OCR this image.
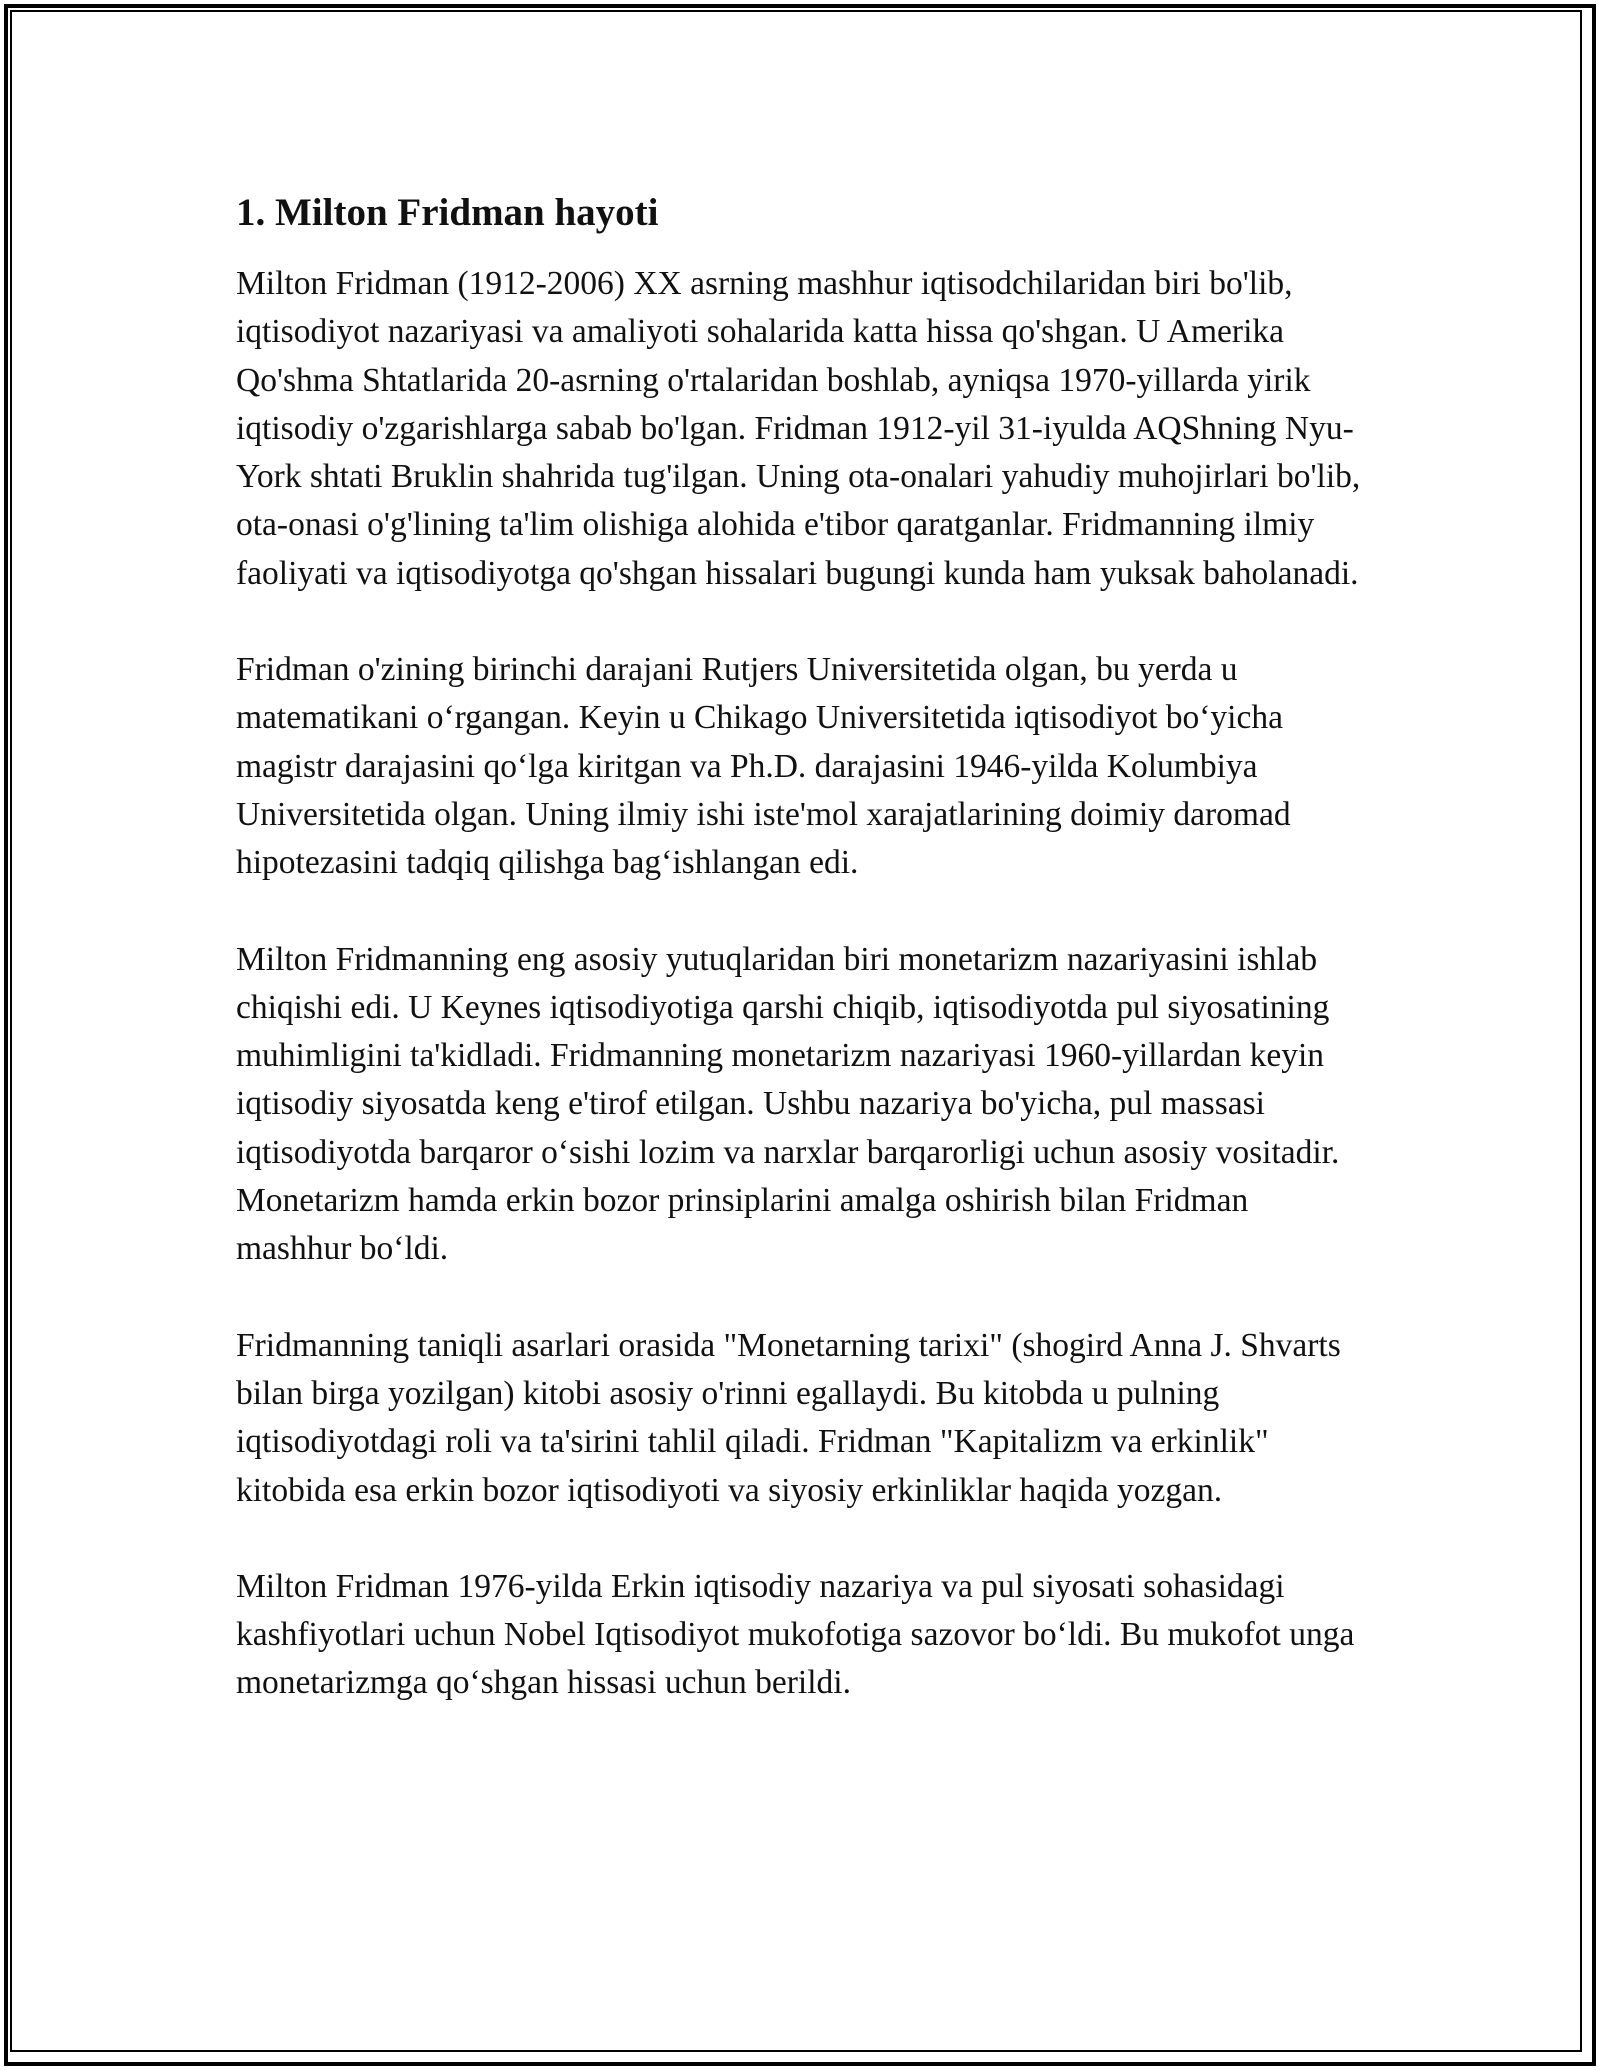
1. Milton Fridman hayoti

Milton Fridman (1912-2006) XX asrning mashhur iqtisodchilaridan biri bo'lib, iqtisodiyot nazariyasi va amaliyoti sohalarida katta hissa qo'shgan. U Amerika Qo'shma Shtatlarida 20-asrning o'rtalaridan boshlab, ayniqsa 1970-yillarda yirik iqtisodiy o'zgarishlarga sabab bo'lgan. Fridman 1912-yil 31-iyulda AQShning Nyu-York shtati Bruklin shahrida tug'ilgan. Uning ota-onalari yahudiy muhojirlari bo'lib, ota-onasi o'g'lining ta'lim olishiga alohida e'tibor qaratganlar. Fridmanning ilmiy faoliyati va iqtisodiyotga qo'shgan hissalari bugungi kunda ham yuksak baholanadi.

Fridman o'zining birinchi darajani Rutjers Universitetida olgan, bu yerda u matematikani o‘rgangan. Keyin u Chikago Universitetida iqtisodiyot bo‘yicha magistr darajasini qo‘lga kiritgan va Ph.D. darajasini 1946-yilda Kolumbiya Universitetida olgan. Uning ilmiy ishi iste'mol xarajatlarining doimiy daromad hipotezasini tadqiq qilishga bag‘ishlangan edi.

Milton Fridmanning eng asosiy yutuqlaridan biri monetarizm nazariyasini ishlab chiqishi edi. U Keynes iqtisodiyotiga qarshi chiqib, iqtisodiyotda pul siyosatining muhimligini ta'kidladi. Fridmanning monetarizm nazariyasi 1960-yillardan keyin iqtisodiy siyosatda keng e'tirof etilgan. Ushbu nazariya bo'yicha, pul massasi iqtisodiyotda barqaror o‘sishi lozim va narxlar barqarorligi uchun asosiy vositadir. Monetarizm hamda erkin bozor prinsiplarini amalga oshirish bilan Fridman mashhur bo‘ldi.

Fridmanning taniqli asarlari orasida "Monetarning tarixi" (shogird Anna J. Shvarts bilan birga yozilgan) kitobi asosiy o'rinni egallaydi. Bu kitobda u pulning iqtisodiyotdagi roli va ta'sirini tahlil qiladi. Fridman "Kapitalizm va erkinlik" kitobida esa erkin bozor iqtisodiyoti va siyosiy erkinliklar haqida yozgan.

Milton Fridman 1976-yilda Erkin iqtisodiy nazariya va pul siyosati sohasidagi kashfiyotlari uchun Nobel Iqtisodiyot mukofotiga sazovor bo‘ldi. Bu mukofot unga monetarizmga qo‘shgan hissasi uchun berildi.
